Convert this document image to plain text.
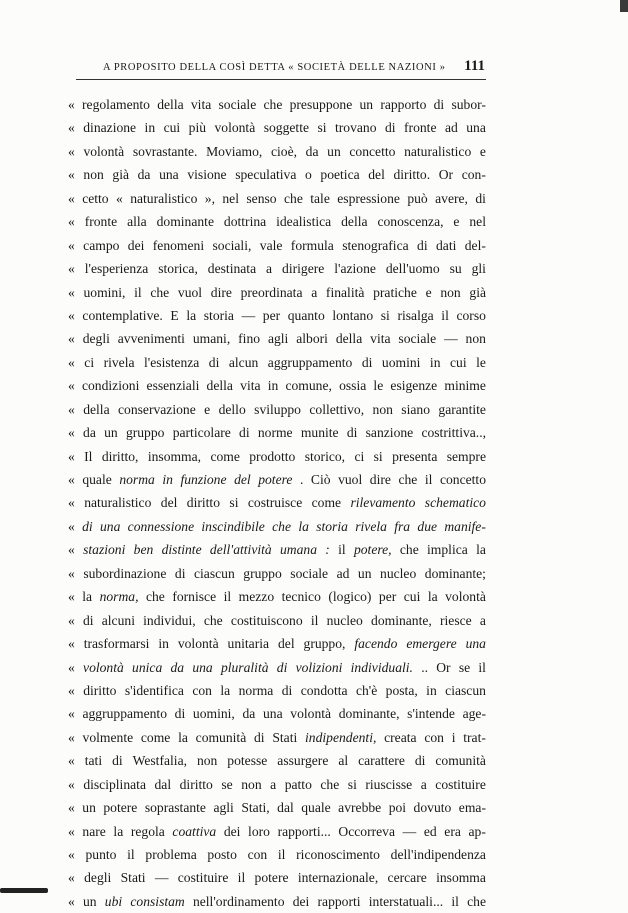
A PROPOSITO DELLA COSÌ DETTA « SOCIETÀ DELLE NAZIONI » 111
« regolamento della vita sociale che presuppone un rapporto di subor-
« dinazione in cui più volontà soggette si trovano di fronte ad una
« volontà sovrastante. Moviamo, cioè, da un concetto naturalistico e
« non già da una visione speculativa o poetica del diritto. Or con-
« cetto « naturalistico », nel senso che tale espressione può avere, di
« fronte alla dominante dottrina idealistica della conoscenza, e nel
« campo dei fenomeni sociali, vale formula stenografica di dati del-
« l'esperienza storica, destinata a dirigere l'azione dell'uomo su gli
« uomini, il che vuol dire preordinata a finalità pratiche e non già
« contemplative. E la storia — per quanto lontano si risalga il corso
« degli avvenimenti umani, fino agli albori della vita sociale — non
« ci rivela l'esistenza di alcun aggruppamento di uomini in cui le
« condizioni essenziali della vita in comune, ossia le esigenze minime
« della conservazione e dello sviluppo collettivo, non siano garantite
« da un gruppo particolare di norme munite di sanzione costrittiva..,
« Il diritto, insomma, come prodotto storico, ci si presenta sempre
« quale norma in funzione del potere . Ciò vuol dire che il concetto
« naturalistico del diritto si costruisce come rilevamento schematico
« di una connessione inscindibile che la storia rivela fra due manife-
« stazioni ben distinte dell'attività umana : il potere, che implica la
« subordinazione di ciascun gruppo sociale ad un nucleo dominante;
« la norma, che fornisce il mezzo tecnico (logico) per cui la volontà
« di alcuni individui, che costituiscono il nucleo dominante, riesce a
« trasformarsi in volontà unitaria del gruppo, facendo emergere una
« volontà unica da una pluralità di volizioni individuali. .. Or se il
« diritto s'identifica con la norma di condotta ch'è posta, in ciascun
« aggruppamento di uomini, da una volontà dominante, s'intende age-
« volmente come la comunità di Stati indipendenti, creata con i trat-
« tati di Westfalia, non potesse assurgere al carattere di comunità
« disciplinata dal diritto se non a patto che si riuscisse a costituire
« un potere soprastante agli Stati, dal quale avrebbe poi dovuto ema-
« nare la regola coattiva dei loro rapporti... Occorreva — ed era ap-
« punto il problema posto con il riconoscimento dell'indipendenza
« degli Stati — costituire il potere internazionale, cercare insomma
« un ubi consistam nell'ordinamento dei rapporti interstatuali... il che
